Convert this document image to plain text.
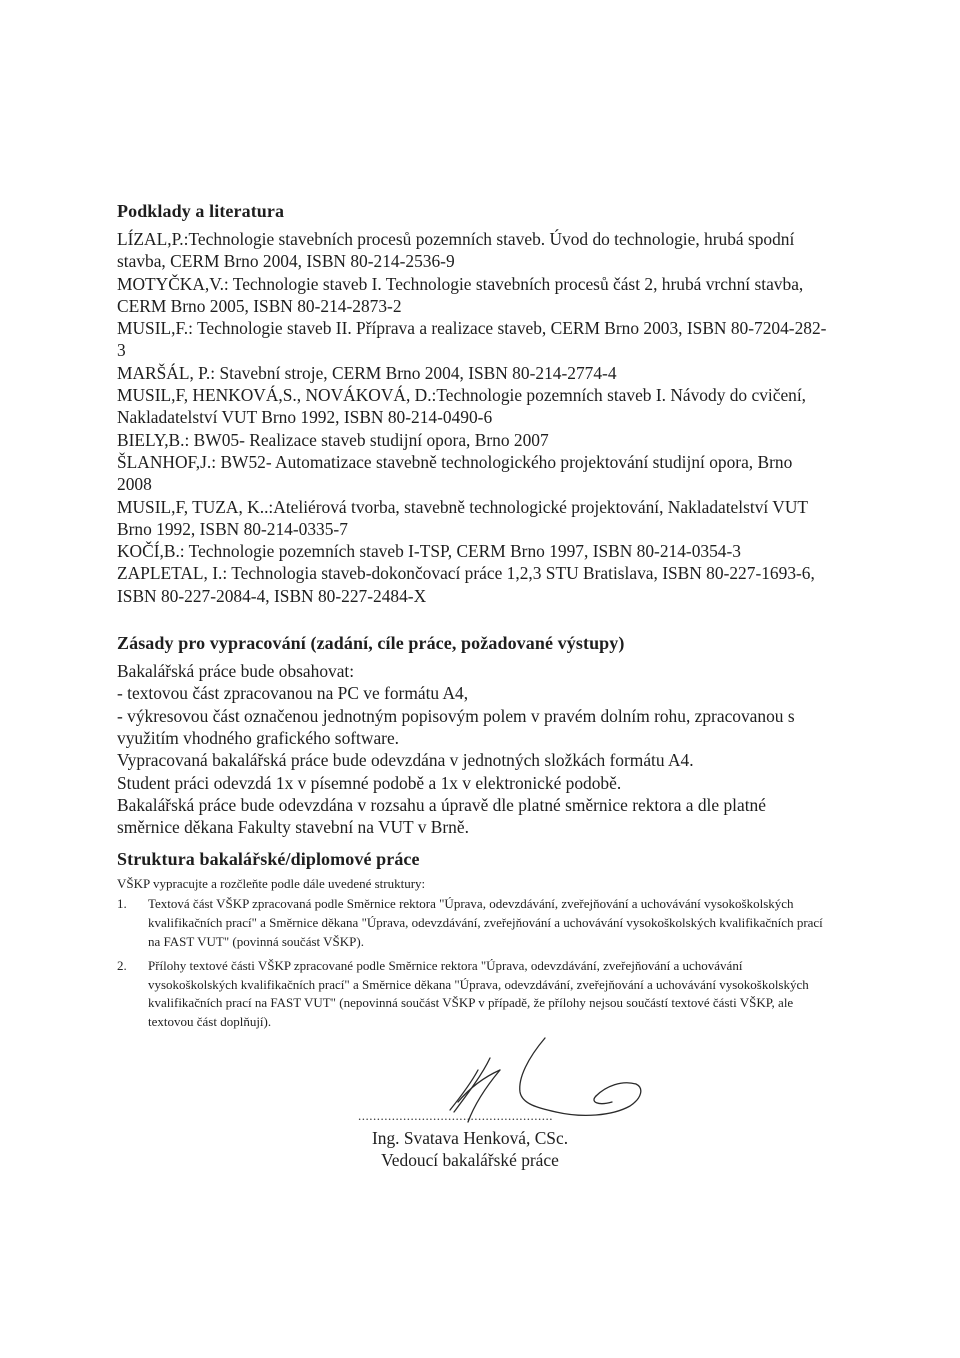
Podklady a literatura
LÍZAL,P.:Technologie stavebních procesů pozemních staveb. Úvod do technologie, hrubá spodní stavba, CERM Brno 2004, ISBN 80-214-2536-9
MOTYČKA,V.: Technologie staveb I. Technologie stavebních procesů část 2, hrubá vrchní stavba, CERM Brno 2005, ISBN 80-214-2873-2
MUSIL,F.: Technologie staveb II. Příprava a realizace staveb, CERM Brno 2003, ISBN 80-7204-282-3
MARŠÁL, P.: Stavební stroje, CERM Brno 2004, ISBN 80-214-2774-4
MUSIL,F, HENKOVÁ,S., NOVÁKOVÁ, D.:Technologie pozemních staveb I. Návody do cvičení, Nakladatelství VUT Brno 1992, ISBN 80-214-0490-6
BIELY,B.: BW05- Realizace staveb studijní opora, Brno 2007
ŠLANHOF,J.: BW52- Automatizace stavebně technologického projektování studijní opora, Brno 2008
MUSIL,F, TUZA, K..:Ateliérová tvorba, stavebně technologické projektování, Nakladatelství VUT Brno 1992, ISBN 80-214-0335-7
KOČÍ,B.: Technologie pozemních staveb I-TSP, CERM Brno 1997, ISBN 80-214-0354-3
ZAPLETAL, I.: Technologia staveb-dokončovací práce 1,2,3 STU Bratislava, ISBN 80-227-1693-6, ISBN 80-227-2084-4, ISBN 80-227-2484-X
Zásady pro vypracování (zadání, cíle práce, požadované výstupy)
Bakalářská práce bude obsahovat:
- textovou část zpracovanou na PC ve formátu A4,
- výkresovou část označenou jednotným popisovým polem v pravém dolním rohu, zpracovanou s využitím vhodného grafického software.
Vypracovaná bakalářská práce bude odevzdána v jednotných složkách formátu A4.
Student práci odevzdá 1x v písemné podobě a 1x v elektronické podobě.
Bakalářská práce bude odevzdána v rozsahu a úpravě dle platné směrnice rektora a dle platné směrnice děkana Fakulty stavební na VUT v Brně.
Struktura bakalářské/diplomové práce

VŠKP vypracujte a rozčleňte podle dále uvedené struktury:

1. Textová část VŠKP zpracovaná podle Směrnice rektora "Úprava, odevzdávání, zveřejňování a uchovávání vysokoškolských kvalifikačních prací" a Směrnice děkana "Úprava, odevzdávání, zveřejňování a uchovávání vysokoškolských kvalifikačních prací na FAST VUT" (povinná součást VŠKP).
2. Přílohy textové části VŠKP zpracované podle Směrnice rektora "Úprava, odevzdávání, zveřejňování a uchovávání vysokoškolských kvalifikačních prací" a Směrnice děkana "Úprava, odevzdávání, zveřejňování a uchovávání vysokoškolských kvalifikačních prací na FAST VUT" (nepovinná součást VŠKP v případě, že přílohy nejsou součástí textové části VŠKP, ale textovou část doplňují).
....................................................
Ing. Svatava Henková, CSc.
Vedoucí bakalářské práce
